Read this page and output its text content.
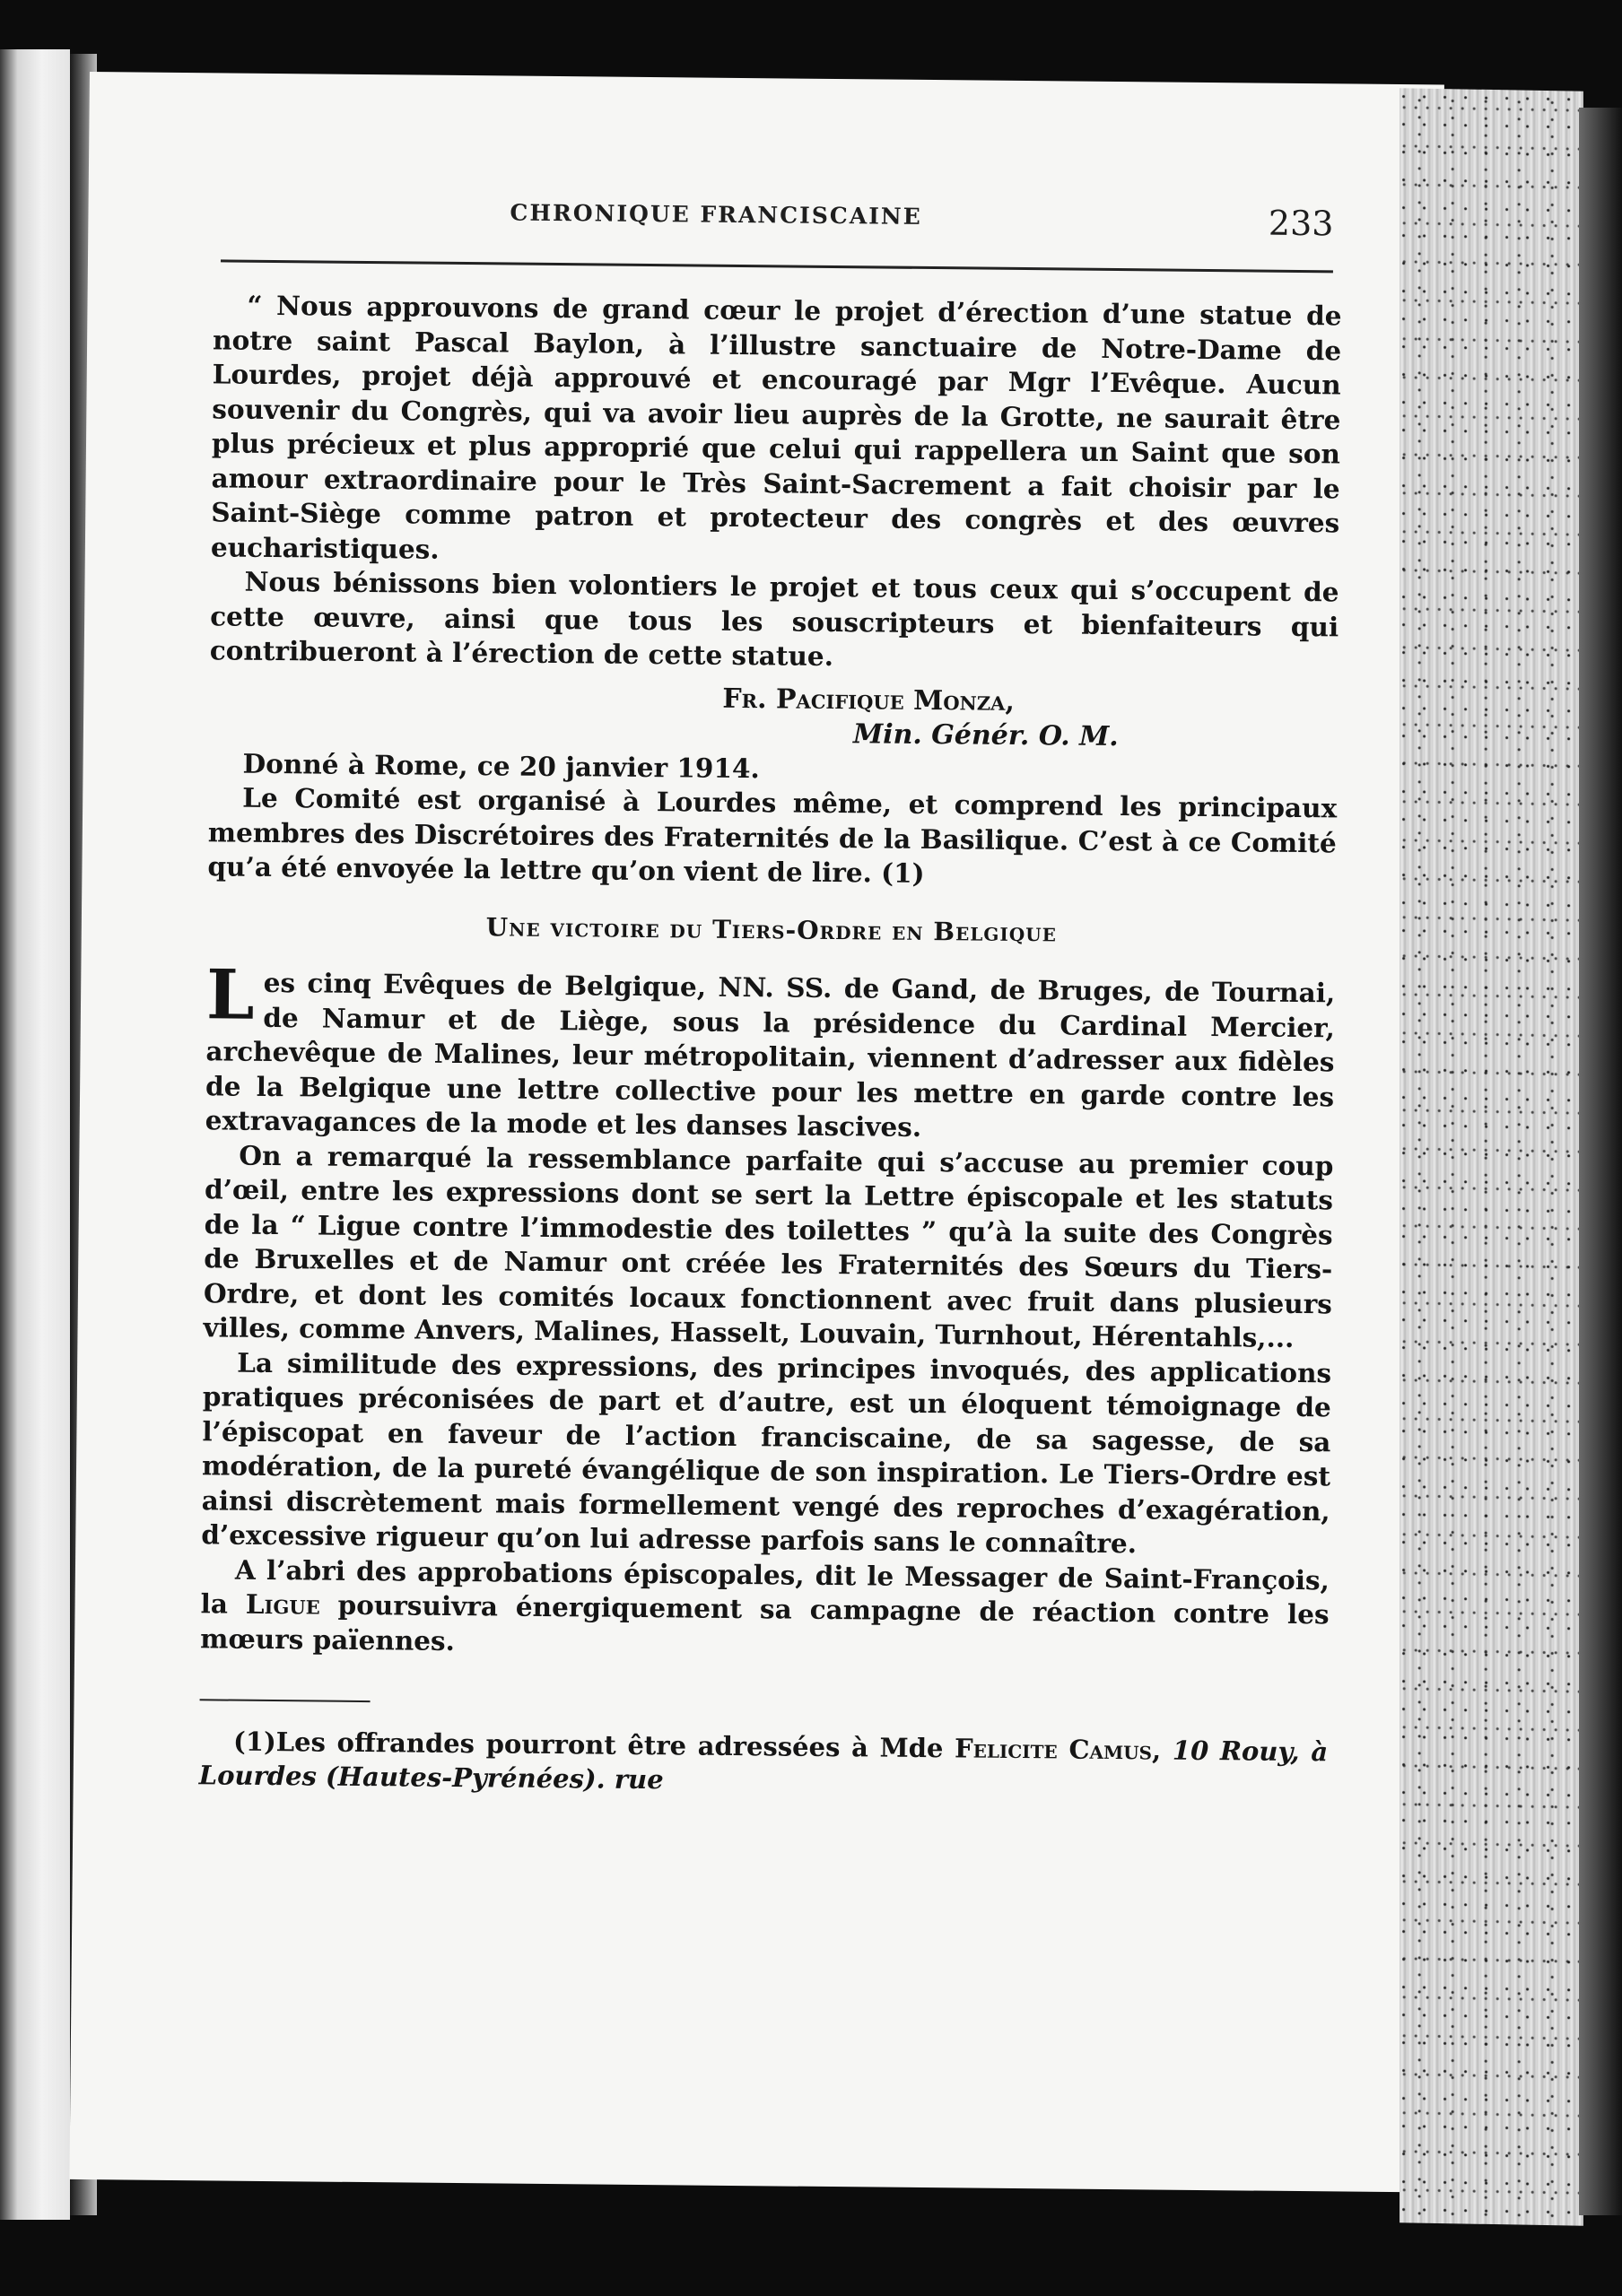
CHRONIQUE FRANCISCAINE	233

“ Nous approuvons de grand cœur le projet d’érection d’une statue de notre saint Pascal Baylon, à l’illustre sanctuaire de Notre-Dame de Lourdes, projet déjà approuvé et encouragé par Mgr l’Evêque. Aucun souvenir du Congrès, qui va avoir lieu auprès de la Grotte, ne saurait être plus précieux et plus approprié que celui qui rappellera un Saint que son amour extraordinaire pour le Très Saint-Sacrement a fait choisir par le Saint-Siège comme patron et protecteur des congrès et des œuvres eucharistiques.

Nous bénissons bien volontiers le projet et tous ceux qui s’occupent de cette œuvre, ainsi que tous les souscripteurs et bienfaiteurs qui contribueront à l’érection de cette statue.

Fr. Pacifique Monza,
Min. Génér. O. M.

Donné à Rome, ce 20 janvier 1914.

Le Comité est organisé à Lourdes même, et comprend les principaux membres des Discrétoires des Fraternités de la Basilique. C’est à ce Comité qu’a été envoyée la lettre qu’on vient de lire. (1)

Une victoire du Tiers-Ordre en Belgique

Les cinq Evêques de Belgique, NN. SS. de Gand, de Bruges, de Tournai, de Namur et de Liège, sous la présidence du Cardinal Mercier, archevêque de Malines, leur métropolitain, viennent d’adresser aux fidèles de la Belgique une lettre collective pour les mettre en garde contre les extravagances de la mode et les danses lascives.

On a remarqué la ressemblance parfaite qui s’accuse au premier coup d’œil, entre les expressions dont se sert la Lettre épiscopale et les statuts de la “ Ligue contre l’immodestie des toilettes ” qu’à la suite des Congrès de Bruxelles et de Namur ont créée les Fraternités des Sœurs du Tiers-Ordre, et dont les comités locaux fonctionnent avec fruit dans plusieurs villes, comme Anvers, Malines, Hasselt, Louvain, Turnhout, Hérentahls,...

La similitude des expressions, des principes invoqués, des applications pratiques préconisées de part et d’autre, est un éloquent témoignage de l’épiscopat en faveur de l’action franciscaine, de sa sagesse, de sa modération, de la pureté évangélique de son inspiration. Le Tiers-Ordre est ainsi discrètement mais formellement vengé des reproches d’exagération, d’excessive rigueur qu’on lui adresse parfois sans le connaître.

A l’abri des approbations épiscopales, dit le Messager de Saint-François, la Ligue poursuivra énergiquement sa campagne de réaction contre les mœurs païennes.

(1)Les offrandes pourront être adressées à Mde Felicite Camus, 10 Rouy, à Lourdes (Hautes-Pyrénées). rue
